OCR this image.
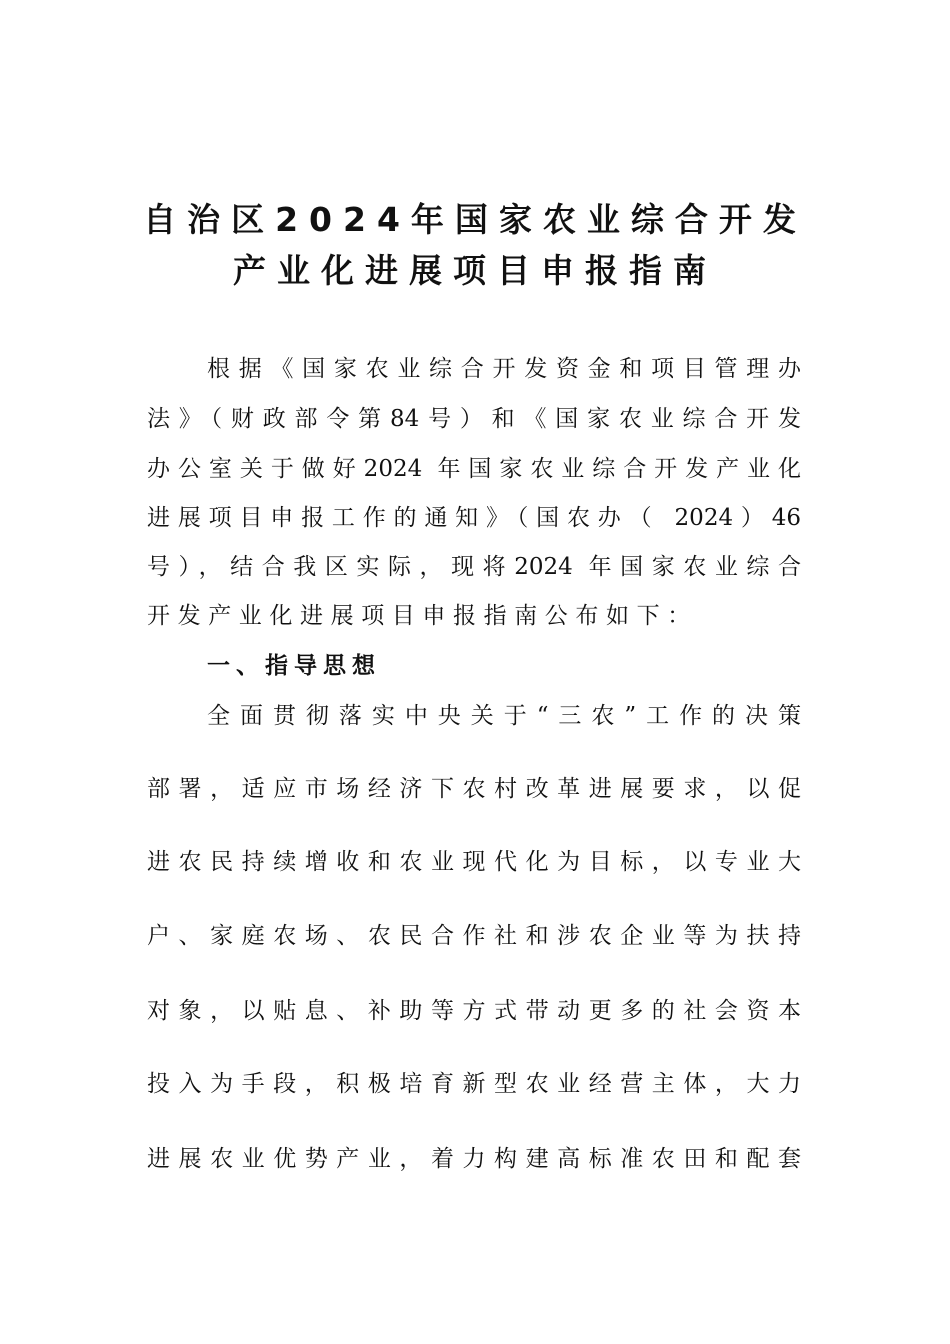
自治区2024年国家农业综合开发
产业化进展项目申报指南
根据《国家农业综合开发资金和项目管理办
法》（财政部令第84号）和《国家农业综合开发
办公室关于做好2024 年国家农业综合开发产业化
进展项目申报工作的通知》（国农办（ 2024）46
号），结合我区实际，现将2024 年国家农业综合
开发产业化进展项目申报指南公布如下：
一、指导思想
全面贯彻落实中央关于“三农”工作的决策
部署，适应市场经济下农村改革进展要求，以促
进农民持续增收和农业现代化为目标，以专业大
户、家庭农场、农民合作社和涉农企业等为扶持
对象，以贴息、补助等方式带动更多的社会资本
投入为手段，积极培育新型农业经营主体，大力
进展农业优势产业，着力构建高标准农田和配套
